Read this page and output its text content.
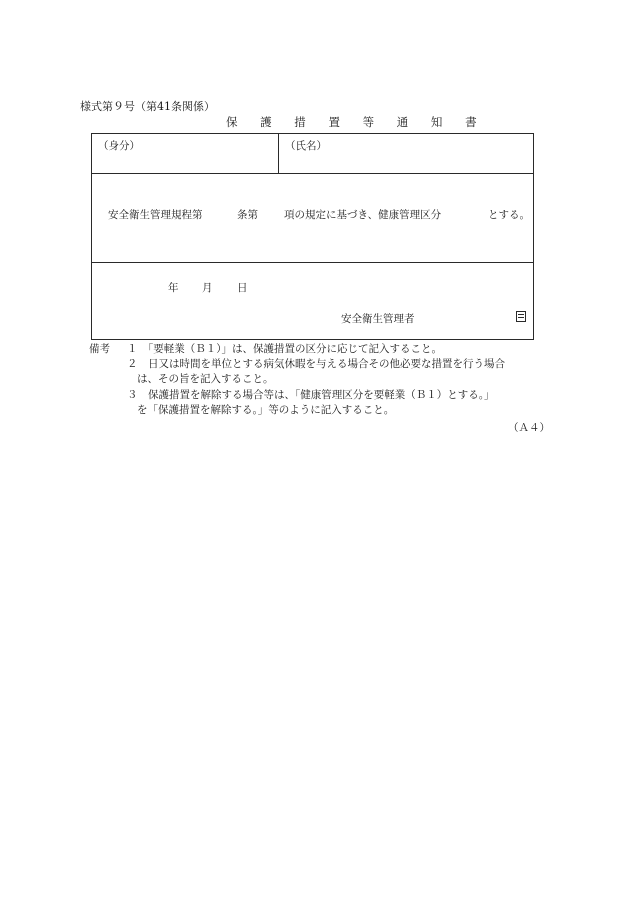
様式第９号（第41条関係）
保 護 措 置 等 通 知 書
（身分）	（氏名）
安全衛生管理規程第	条第 項の規定に基づき、健康管理区分	とする。
年 月 日
安全衛生管理者
備考 １　「要軽業（Ｂ１）」は、保護措置の区分に応じて記入すること。
２　日又は時間を単位とする病気休暇を与える場合その他必要な措置を行う場合
は、その旨を記入すること。
３　保護措置を解除する場合等は、「健康管理区分を要軽業（Ｂ１）とする。」
を「保護措置を解除する。」等のように記入すること。
（Ａ４）
